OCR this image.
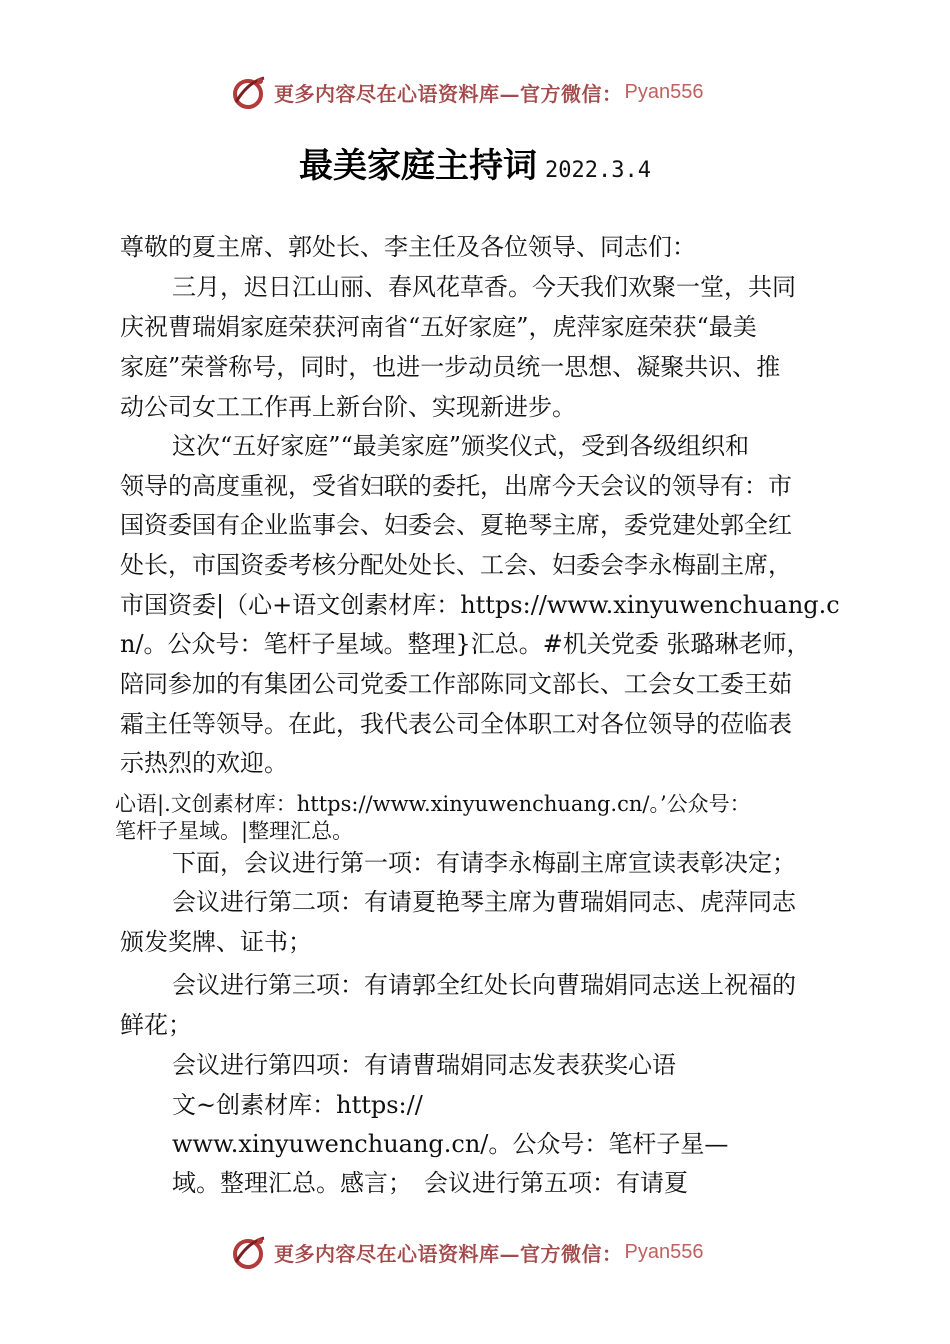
更多内容尽在心语资料库—官方微信： Pyan556
最美家庭主持词 2022.3.4
尊敬的夏主席、郭处长、李主任及各位领导、同志们：
三月，迟日江山丽、春风花草香。今天我们欢聚一堂，共同
庆祝曹瑞娟家庭荣获河南省“五好家庭”，虎萍家庭荣获“最美
家庭”荣誉称号，同时，也进一步动员统一思想、凝聚共识、推
动公司女工工作再上新台阶、实现新进步。
这次“五好家庭”“最美家庭”颁奖仪式，受到各级组织和
领导的高度重视，受省妇联的委托，出席今天会议的领导有：市
国资委国有企业监事会、妇委会、夏艳琴主席，委党建处郭全红
处长，市国资委考核分配处处长、工会、妇委会李永梅副主席，
市国资委|（心+语文创素材库：https://www.xinyuwenchuang.c
n/。公众号：笔杆子星域。整理}汇总。#机关党委 张璐琳老师，
陪同参加的有集团公司党委工作部陈同文部长、工会女工委王茹
霜主任等领导。在此，我代表公司全体职工对各位领导的莅临表
示热烈的欢迎。
心语|.文创素材库：https://www.xinyuwenchuang.cn/。’公众号：
笔杆子星域。|整理汇总。
下面，会议进行第一项：有请李永梅副主席宣读表彰决定；
会议进行第二项：有请夏艳琴主席为曹瑞娟同志、虎萍同志
颁发奖牌、证书；
会议进行第三项：有请郭全红处长向曹瑞娟同志送上祝福的
鲜花；
会议进行第四项：有请曹瑞娟同志发表获奖心语
文~创素材库：https://
www.xinyuwenchuang.cn/。公众号：笔杆子星—
域。整理汇总。感言；　会议进行第五项：有请夏
更多内容尽在心语资料库—官方微信： Pyan556
